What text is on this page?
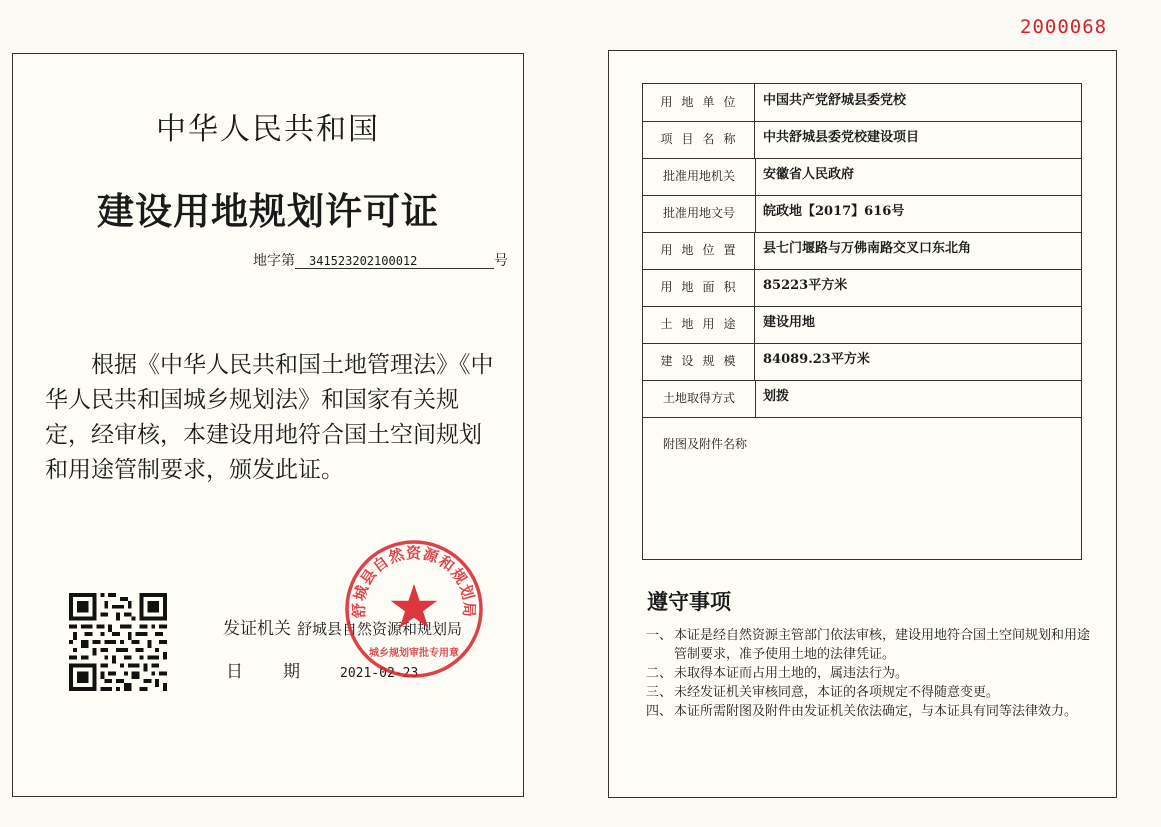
2000068
中华人民共和国
建设用地规划许可证
地字第 341523202100012	号
根据《中华人民共和国土地管理法》《中华人民共和国城乡规划法》和国家有关规定，经审核，本建设用地符合国土空间规划和用途管制要求，颁发此证。
发证机关 舒城县自然资源和规划局
日期2021-02-23
舒城县自然资源和规划局
城乡规划审批专用章
用地单位	中国共产党舒城县委党校
项目名称	中共舒城县委党校建设项目
批准用地机关	安徽省人民政府
批准用地文号	皖政地【2017】616号
用地位置	县七门堰路与万佛南路交叉口东北角
用地面积	85223平方米
土地用途	建设用地
建设规模	84089.23平方米
土地取得方式	划拨
附图及附件名称
遵守事项
一、 本证是经自然资源主管部门依法审核，建设用地符合国土空间规划和用途管制要求，准予使用土地的法律凭证。
二、 未取得本证而占用土地的，属违法行为。
三、 未经发证机关审核同意，本证的各项规定不得随意变更。
四、 本证所需附图及附件由发证机关依法确定，与本证具有同等法律效力。
